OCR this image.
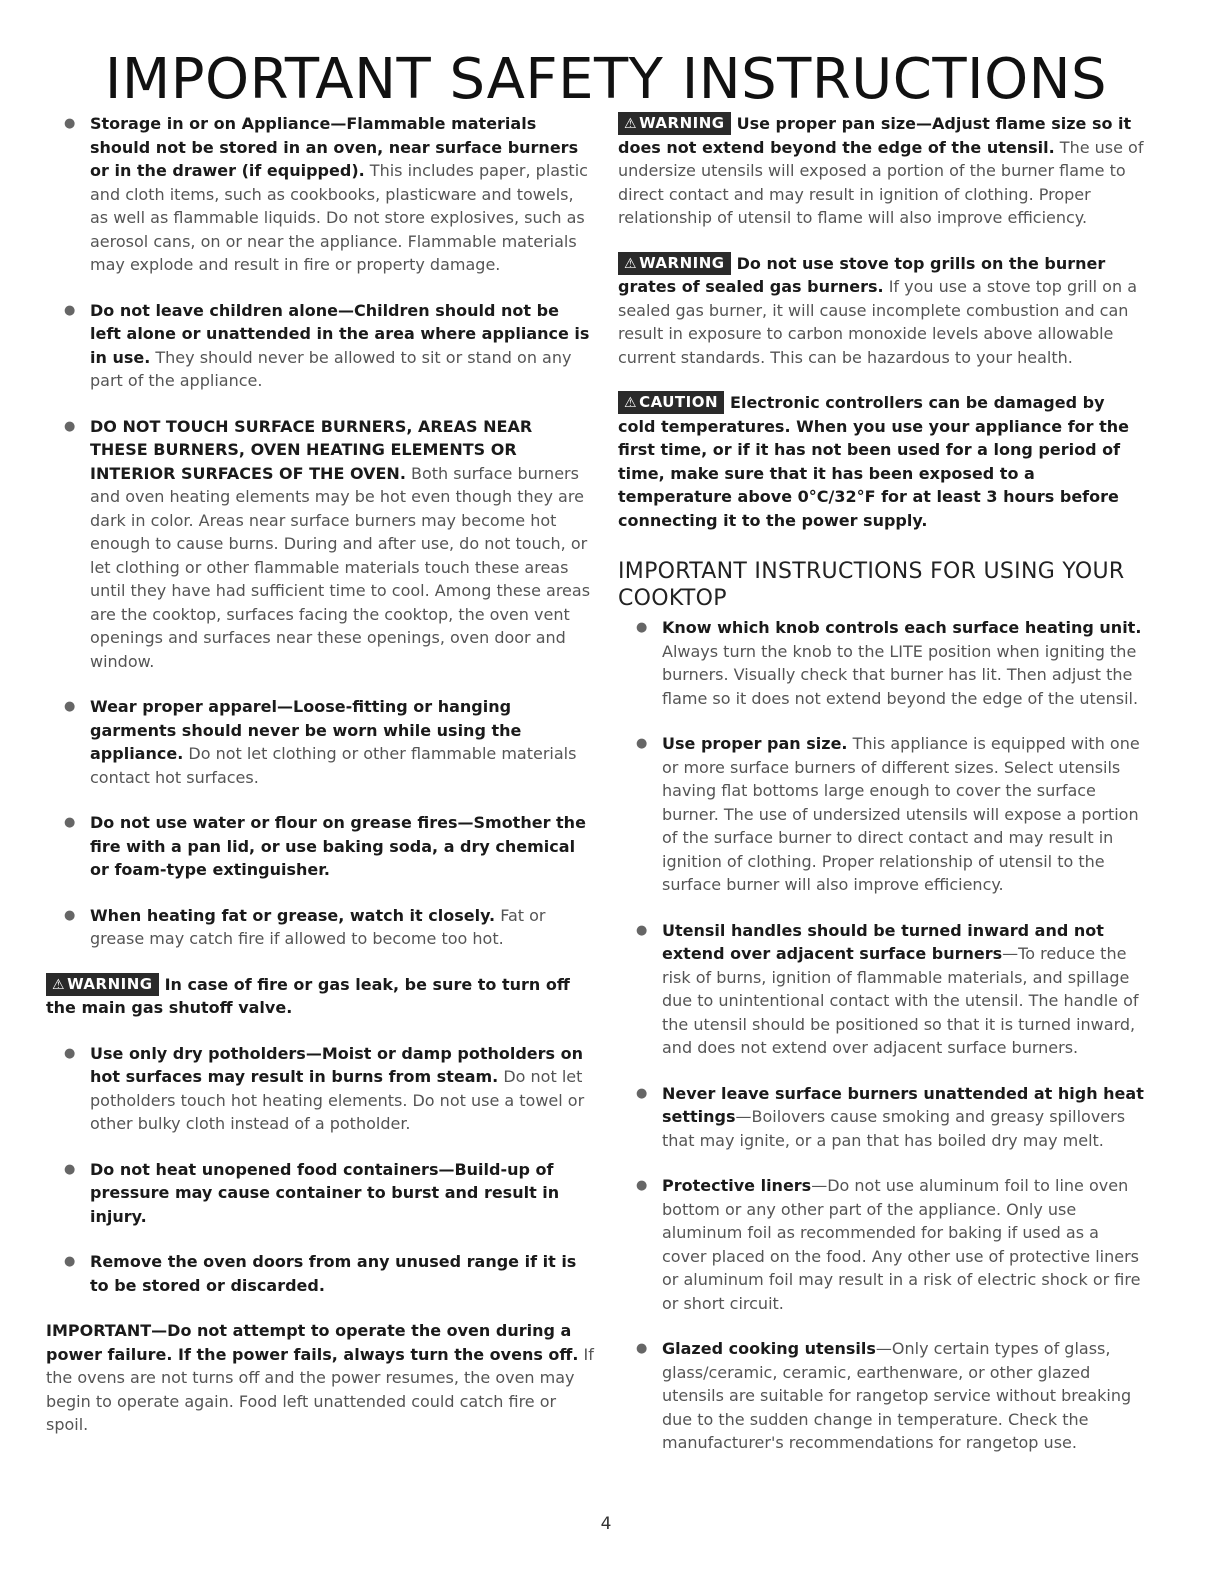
IMPORTANT SAFETY INSTRUCTIONS
● Storage in or on Appliance—Flammable materials should not be stored in an oven, near surface burners or in the drawer (if equipped). This includes paper, plastic and cloth items, such as cookbooks, plasticware and towels, as well as flammable liquids. Do not store explosives, such as aerosol cans, on or near the appliance. Flammable materials may explode and result in fire or property damage.
● Do not leave children alone—Children should not be left alone or unattended in the area where appliance is in use. They should never be allowed to sit or stand on any part of the appliance.
● DO NOT TOUCH SURFACE BURNERS, AREAS NEAR THESE BURNERS, OVEN HEATING ELEMENTS OR INTERIOR SURFACES OF THE OVEN. Both surface burners and oven heating elements may be hot even though they are dark in color. Areas near surface burners may become hot enough to cause burns. During and after use, do not touch, or let clothing or other flammable materials touch these areas until they have had sufficient time to cool. Among these areas are the cooktop, surfaces facing the cooktop, the oven vent openings and surfaces near these openings, oven door and window.
● Wear proper apparel—Loose-fitting or hanging garments should never be worn while using the appliance. Do not let clothing or other flammable materials contact hot surfaces.
● Do not use water or flour on grease fires—Smother the fire with a pan lid, or use baking soda, a dry chemical or foam-type extinguisher.
● When heating fat or grease, watch it closely. Fat or grease may catch fire if allowed to become too hot.
⚠ WARNING In case of fire or gas leak, be sure to turn off the main gas shutoff valve.
● Use only dry potholders—Moist or damp potholders on hot surfaces may result in burns from steam. Do not let potholders touch hot heating elements. Do not use a towel or other bulky cloth instead of a potholder.
● Do not heat unopened food containers—Build-up of pressure may cause container to burst and result in injury.
● Remove the oven doors from any unused range if it is to be stored or discarded.
IMPORTANT—Do not attempt to operate the oven during a power failure. If the power fails, always turn the ovens off. If the ovens are not turns off and the power resumes, the oven may begin to operate again. Food left unattended could catch fire or spoil.
⚠ WARNING Use proper pan size—Adjust flame size so it does not extend beyond the edge of the utensil. The use of undersize utensils will exposed a portion of the burner flame to direct contact and may result in ignition of clothing. Proper relationship of utensil to flame will also improve efficiency.
⚠ WARNING Do not use stove top grills on the burner grates of sealed gas burners. If you use a stove top grill on a sealed gas burner, it will cause incomplete combustion and can result in exposure to carbon monoxide levels above allowable current standards. This can be hazardous to your health.
⚠ CAUTION Electronic controllers can be damaged by cold temperatures. When you use your appliance for the first time, or if it has not been used for a long period of time, make sure that it has been exposed to a temperature above 0°C/32°F for at least 3 hours before connecting it to the power supply.
IMPORTANT INSTRUCTIONS FOR USING YOUR COOKTOP
● Know which knob controls each surface heating unit. Always turn the knob to the LITE position when igniting the burners. Visually check that burner has lit. Then adjust the flame so it does not extend beyond the edge of the utensil.
● Use proper pan size. This appliance is equipped with one or more surface burners of different sizes. Select utensils having flat bottoms large enough to cover the surface burner. The use of undersized utensils will expose a portion of the surface burner to direct contact and may result in ignition of clothing. Proper relationship of utensil to the surface burner will also improve efficiency.
● Utensil handles should be turned inward and not extend over adjacent surface burners—To reduce the risk of burns, ignition of flammable materials, and spillage due to unintentional contact with the utensil. The handle of the utensil should be positioned so that it is turned inward, and does not extend over adjacent surface burners.
● Never leave surface burners unattended at high heat settings—Boilovers cause smoking and greasy spillovers that may ignite, or a pan that has boiled dry may melt.
● Protective liners—Do not use aluminum foil to line oven bottom or any other part of the appliance. Only use aluminum foil as recommended for baking if used as a cover placed on the food. Any other use of protective liners or aluminum foil may result in a risk of electric shock or fire or short circuit.
● Glazed cooking utensils—Only certain types of glass, glass/ceramic, ceramic, earthenware, or other glazed utensils are suitable for rangetop service without breaking due to the sudden change in temperature. Check the manufacturer's recommendations for rangetop use.
4
